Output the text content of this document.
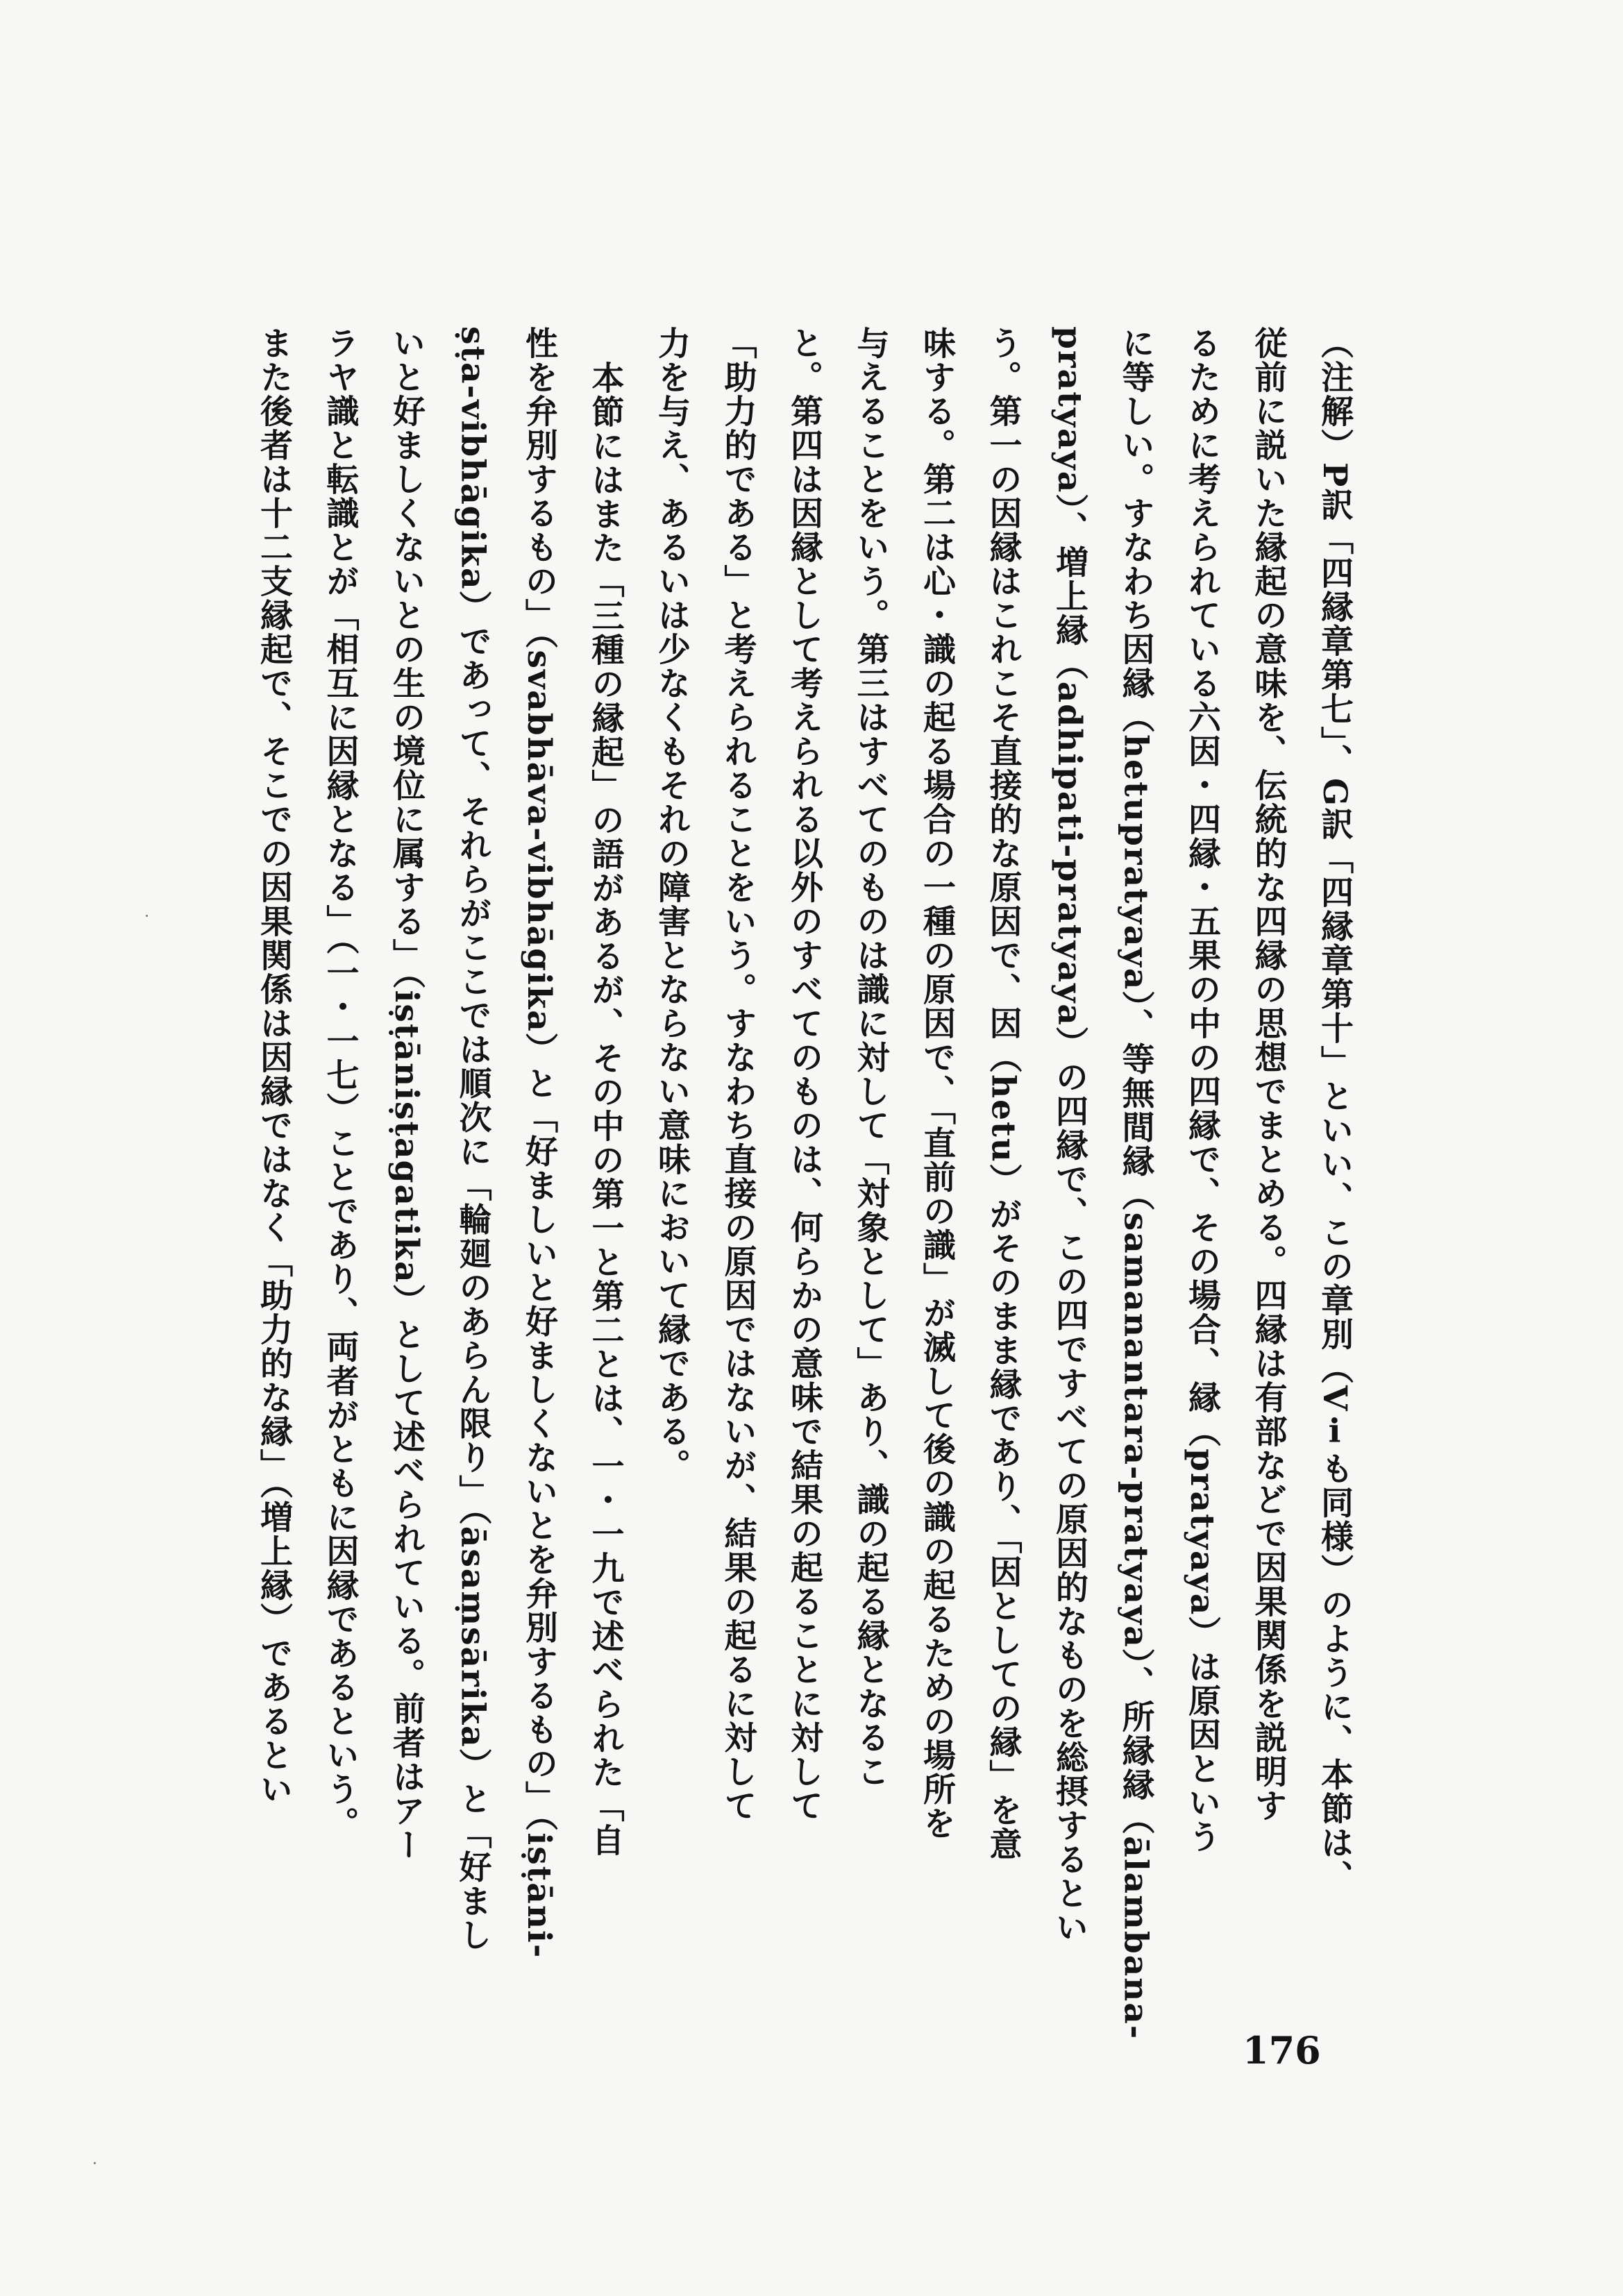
（注解）P訳「四縁章第七」、G訳「四縁章第十」といい、この章別（Vⅰも同様）のように、本節は、
従前に説いた縁起の意味を、伝統的な四縁の思想でまとめる。四縁は有部などで因果関係を説明す
るために考えられている六因・四縁・五果の中の四縁で、その場合、縁（pratyaya）は原因という
に等しい。すなわち因縁（hetupratyaya）、等無間縁（samanantara-pratyaya）、所縁縁（ālambana-
pratyaya）、増上縁（adhipati-pratyaya）の四縁で、この四ですべての原因的なものを総摂するとい
う。第一の因縁はこれこそ直接的な原因で、因（hetu）がそのまま縁であり、「因としての縁」を意
味する。第二は心・識の起る場合の一種の原因で、「直前の識」が滅して後の識の起るための場所を
与えることをいう。第三はすべてのものは識に対して「対象として」あり、識の起る縁となるこ
と。第四は因縁として考えられる以外のすべてのものは、何らかの意味で結果の起ることに対して
「助力的である」と考えられることをいう。すなわち直接の原因ではないが、結果の起るに対して
力を与え、あるいは少なくもそれの障害とならない意味において縁である。
本節にはまた「三種の縁起」の語があるが、その中の第一と第二とは、一・一九で述べられた「自
性を弁別するもの」（svabhāva-vibhāgika）と「好ましいと好ましくないとを弁別するもの」（iṣṭāni-
ṣṭa-vibhāgika）であって、それらがここでは順次に「輪廻のあらん限り」（āsaṃsārika）と「好まし
いと好ましくないとの生の境位に属する」（iṣṭāniṣṭagatika）として述べられている。前者はアー
ラヤ識と転識とが「相互に因縁となる」（一・一七）ことであり、両者がともに因縁であるという。
また後者は十二支縁起で、そこでの因果関係は因縁ではなく「助力的な縁」（増上縁）であるとい
176
